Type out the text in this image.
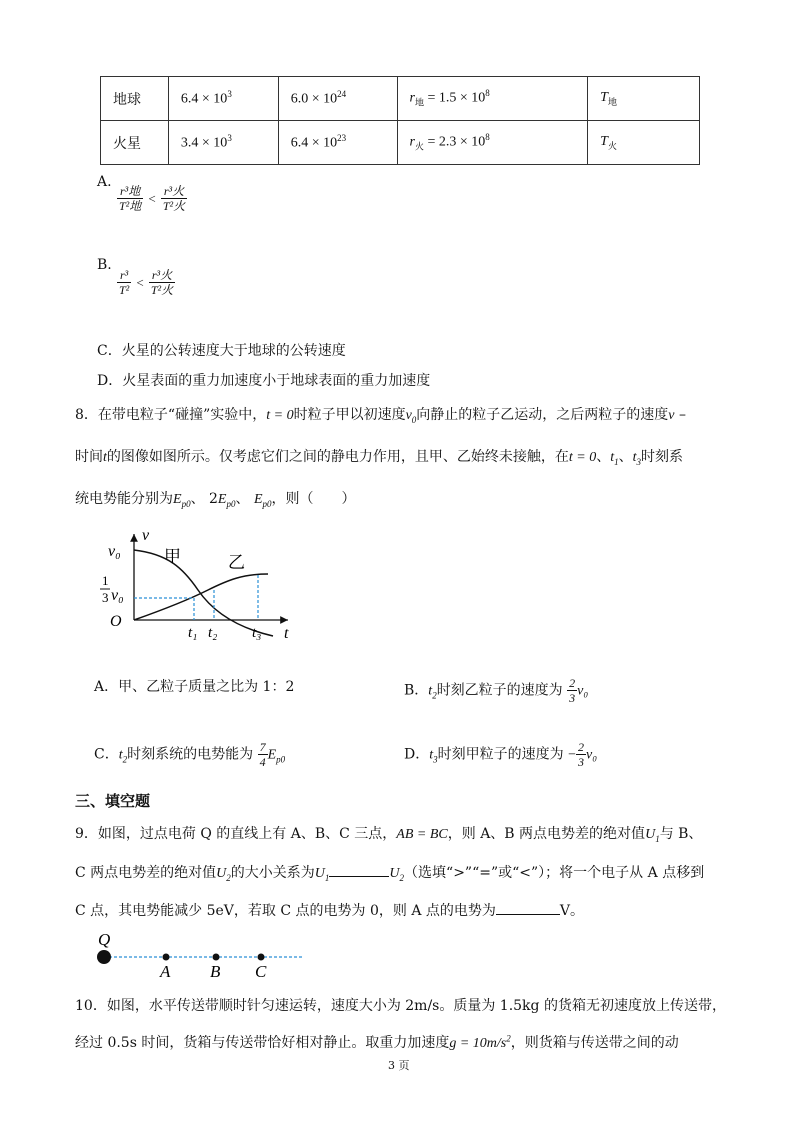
地球	$6.4 \times 10^3$	$6.0 \times 10^{24}$	$r_地 = 1.5 \times 10^8$	$T_地$
火星	$3.4 \times 10^3$	$6.4 \times 10^{23}$	$r_火 = 2.3 \times 10^8$	$T_火$
A.
$\frac{\text{r³地}}{\text{T²地}} < \frac{\text{r³火}}{\text{T²火}}$
B.
$\frac{\text{r³}}{\text{T²}} < \frac{\text{r³火}}{\text{T²火}}$
C．火星的公转速度大于地球的公转速度
D．火星表面的重力加速度小于地球表面的重力加速度
8．在带电粒子“碰撞”实验中，t = 0时粒子甲以初速度$v_0$向静止的粒子乙运动，之后两粒子的速度v –
时间t的图像如图所示。仅考虑它们之间的静电力作用，且甲、乙始终未接触，在t = 0、$t_1$、$t_3$时刻系
统电势能分别为$E_{p0}$、 $2E_{p0}$、 $E_{p0}$，则（　　）
v
t
O
v₀
1
3 v₀
甲	乙
t₁ t₂ t₃
A．甲、乙粒子质量之比为 1：2	B．$t_2$时刻乙粒子的速度为 $\frac{2}{3} v_0$
C．$t_2$时刻系统的电势能为 $\frac{7}{4} E_{p0}$	D．$t_3$时刻甲粒子的速度为 − $\frac{2}{3} v_0$
三、填空题
9．如图，过点电荷 Q 的直线上有 A、B、C 三点，AB = BC，则 A、B 两点电势差的绝对值$U_1$与 B、
C 两点电势差的绝对值$U_2$的大小关系为$U_1$	$U_2$（选填“>”“=”或“<”）；将一个电子从 A 点移到
C 点，其电势能减少 5eV，若取 C 点的电势为 0，则 A 点的电势为	V。
Q
A B C
10．如图，水平传送带顺时针匀速运转，速度大小为 2m/s。质量为 1.5kg 的货箱无初速度放上传送带，
经过 0.5s 时间，货箱与传送带恰好相对静止。取重力加速度$g = 10m/s^2$，则货箱与传送带之间的动
3 页
